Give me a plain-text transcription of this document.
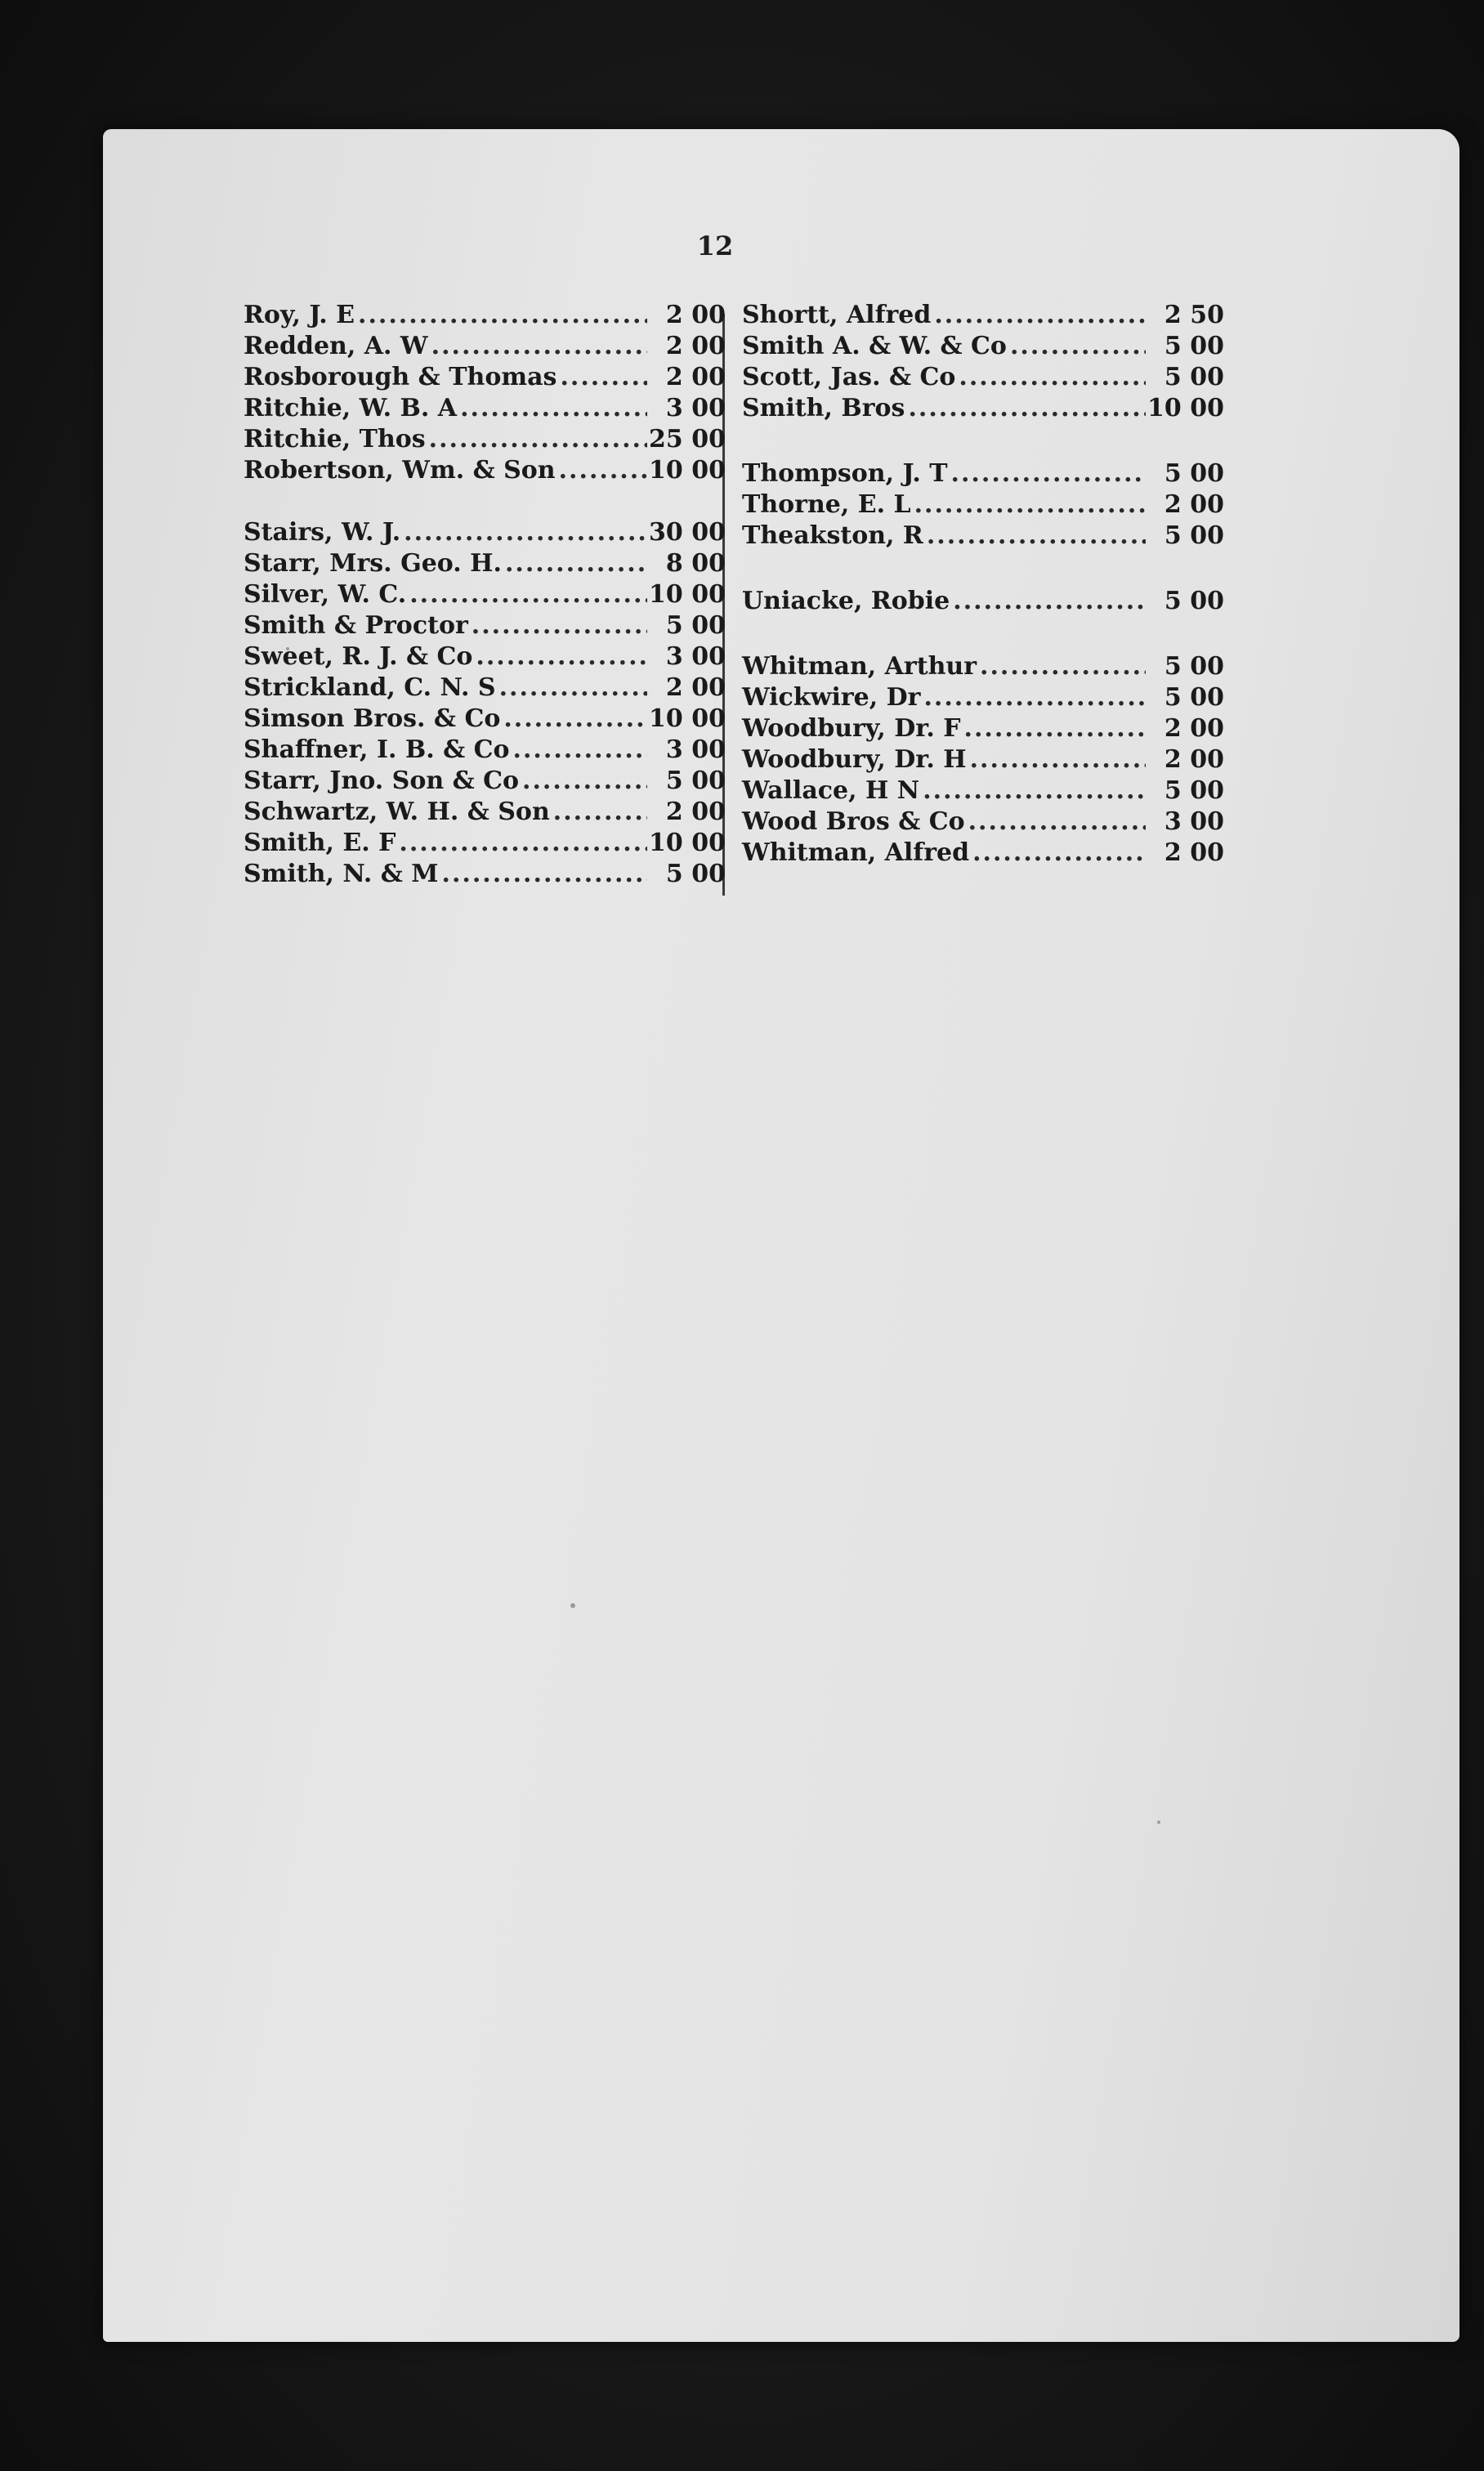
12
Roy, J. E .....	2 00
Redden, A. W .....	2 00
Rosborough & Thomas .....	2 00
Ritchie, W. B. A .....	3 00
Ritchie, Thos .....	25 00
Robertson, Wm. & Son .....	10 00
Stairs, W. J. .....	30 00
Starr, Mrs. Geo. H. .....	8 00
Silver, W. C. .....	10 00
Smith & Proctor .....	5 00
Sweet, R. J. & Co .....	3 00
Strickland, C. N. S .....	2 00
Simson Bros. & Co .....	10 00
Shaffner, I. B. & Co .....	3 00
Starr, Jno. Son & Co .....	5 00
Schwartz, W. H. & Son .....	2 00
Smith, E. F .....	10 00
Smith, N. & M .....	5 00
Shortt, Alfred .....	2 50
Smith A. & W. & Co .....	5 00
Scott, Jas. & Co .....	5 00
Smith, Bros .....	10 00
Thompson, J. T .....	5 00
Thorne, E. L .....	2 00
Theakston, R .....	5 00
Uniacke, Robie .....	5 00
Whitman, Arthur .....	5 00
Wickwire, Dr .....	5 00
Woodbury, Dr. F .....	2 00
Woodbury, Dr. H .....	2 00
Wallace, H N .....	5 00
Wood Bros & Co .....	3 00
Whitman, Alfred .....	2 00
